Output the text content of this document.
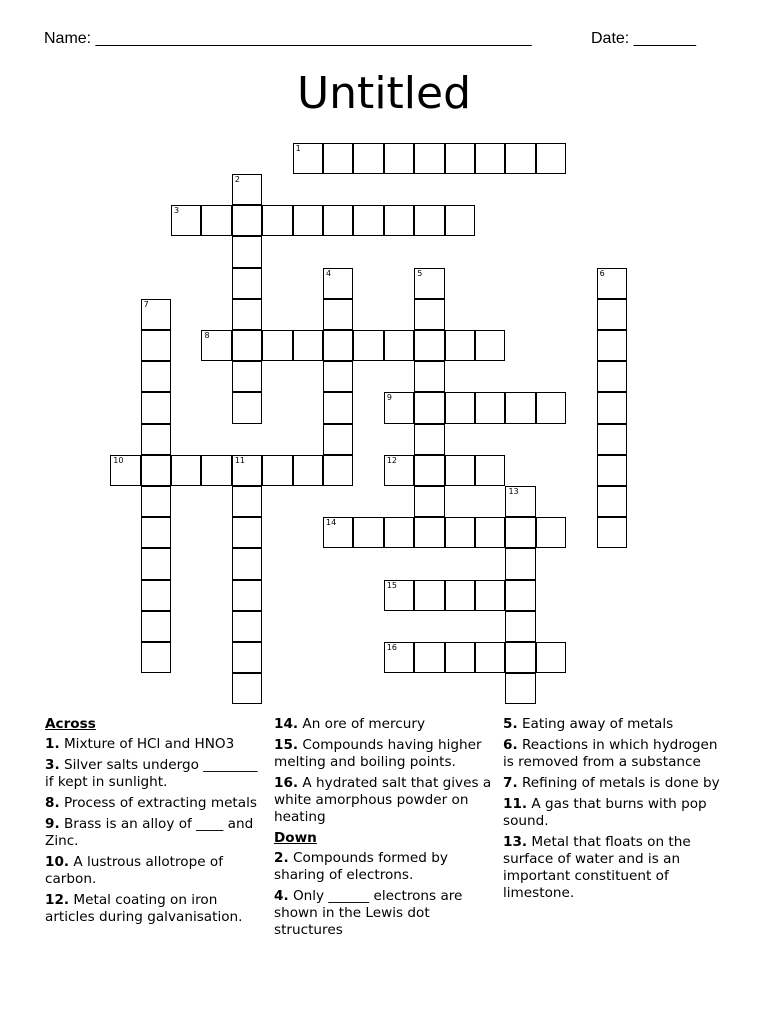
Name: _________________________________________________	Date: _______
Untitled
1
2
3
4	5	6
7
8
9
10	11	12
13
14
15
16
Across
1. Mixture of HCl and HNO3
3. Silver salts undergo ________ if kept in sunlight.
8. Process of extracting metals
9. Brass is an alloy of ____ and Zinc.
10. A lustrous allotrope of carbon.
12. Metal coating on iron articles during galvanisation.
14. An ore of mercury
15. Compounds having higher melting and boiling points.
16. A hydrated salt that gives a white amorphous powder on heating
Down
2. Compounds formed by sharing of electrons.
4. Only ______ electrons are shown in the Lewis dot structures
5. Eating away of metals
6. Reactions in which hydrogen is removed from a substance
7. Refining of metals is done by
11. A gas that burns with pop sound.
13. Metal that floats on the surface of water and is an important constituent of limestone.
